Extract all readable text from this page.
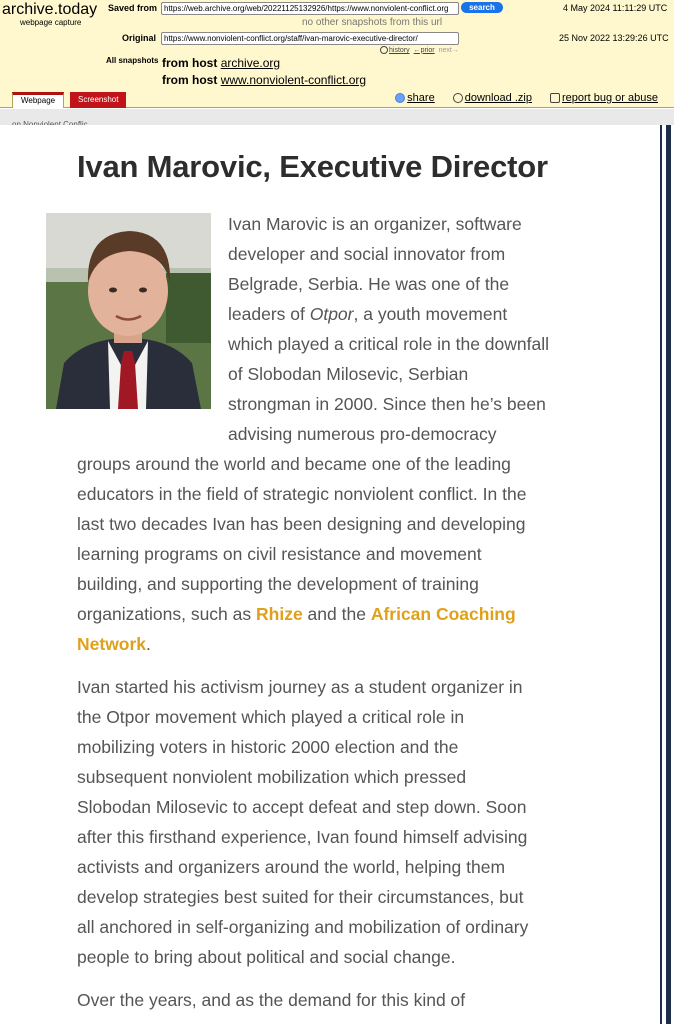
archive.today
webpage capture
Saved from https://web.archive.org/web/20221125132926/https://www.nonviolent-conflict.org	search	4 May 2024 11:11:29 UTC
no other snapshots from this url
Original https://www.nonviolent-conflict.org/staff/ivan-marovic-executive-director/	25 Nov 2022 13:29:26 UTC
history ←prior next→
All snapshots from host archive.org
from host www.nonviolent-conflict.org
Webpage	Screenshot	share	download .zip	report bug or abuse
Ivan Marovic, Executive Director
Ivan Marovic is an organizer, software
developer and social innovator from
Belgrade, Serbia. He was one of the
leaders of Otpor, a youth movement
which played a critical role in the downfall
of Slobodan Milosevic, Serbian
strongman in 2000. Since then he’s been
advising numerous pro-democracy
groups around the world and became one of the leading
educators in the field of strategic nonviolent conflict. In the
last two decades Ivan has been designing and developing
learning programs on civil resistance and movement
building, and supporting the development of training
organizations, such as Rhize and the African Coaching
Network.
Ivan started his activism journey as a student organizer in
the Otpor movement which played a critical role in
mobilizing voters in historic 2000 election and the
subsequent nonviolent mobilization which pressed
Slobodan Milosevic to accept defeat and step down. Soon
after this firsthand experience, Ivan found himself advising
activists and organizers around the world, helping them
develop strategies best suited for their circumstances, but
all anchored in self-organizing and mobilization of ordinary
people to bring about political and social change.
Over the years, and as the demand for this kind of
